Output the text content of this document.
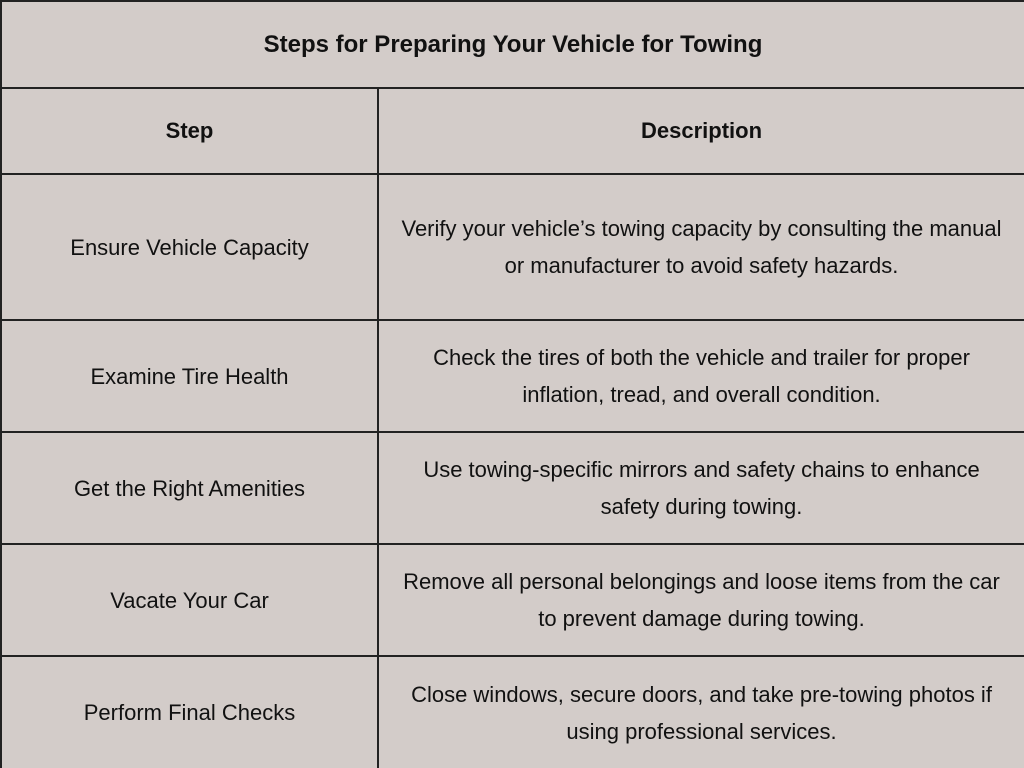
Steps for Preparing Your Vehicle for Towing	
Step	Description
Ensure Vehicle Capacity	Verify your vehicle’s towing capacity by consulting the manual or manufacturer to avoid safety hazards.
Examine Tire Health	Check the tires of both the vehicle and trailer for proper inflation, tread, and overall condition.
Get the Right Amenities	Use towing-specific mirrors and safety chains to enhance safety during towing.
Vacate Your Car	Remove all personal belongings and loose items from the car to prevent damage during towing.
Perform Final Checks	Close windows, secure doors, and take pre-towing photos if using professional services.
